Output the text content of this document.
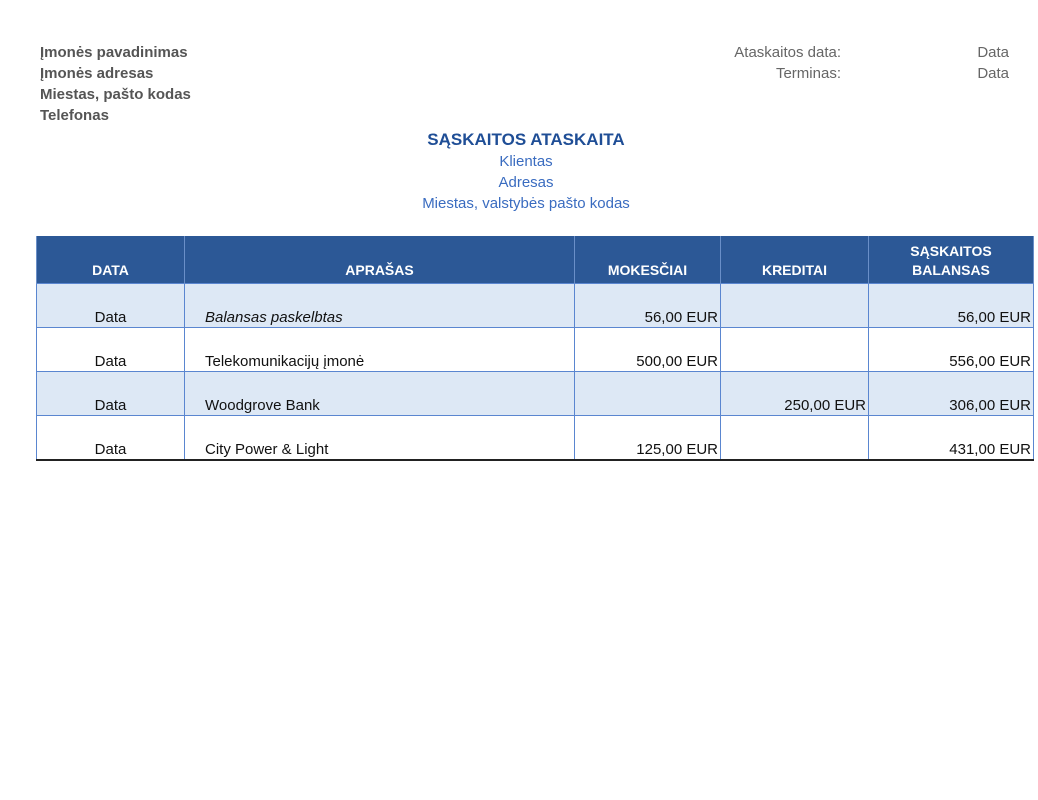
Įmonės pavadinimas
Įmonės adresas
Miestas, pašto kodas
Telefonas
Ataskaitos data:	Data
Terminas:	Data
SĄSKAITOS ATASKAITA
Klientas
Adresas
Miestas, valstybės pašto kodas
DATA	APRAŠAS	MOKESČIAI	KREDITAI	SĄSKAITOS
BALANSAS
Data	Balansas paskelbtas	56,00 EUR		56,00 EUR
Data	Telekomunikacijų įmonė	500,00 EUR		556,00 EUR
Data	Woodgrove Bank		250,00 EUR	306,00 EUR
Data	City Power & Light	125,00 EUR		431,00 EUR
